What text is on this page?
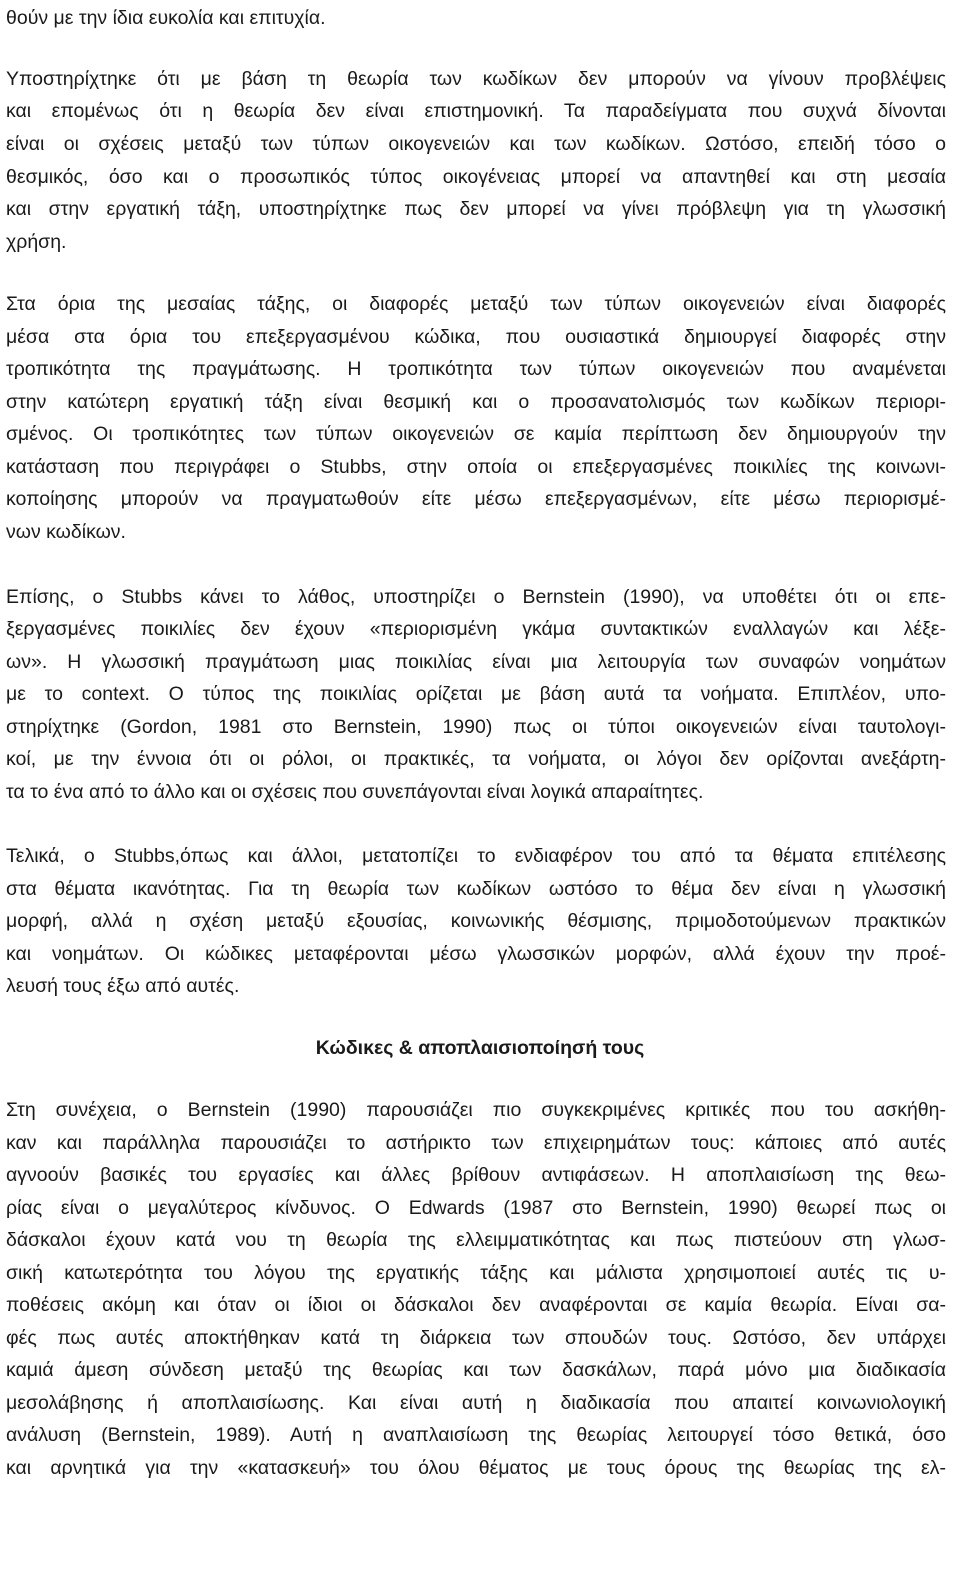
θούν με την ίδια ευκολία και επιτυχία.
Υποστηρίχτηκε ότι με βάση τη θεωρία των κωδίκων δεν μπορούν να γίνουν προβλέψεις
και επομένως ότι η θεωρία δεν είναι επιστημονική. Τα παραδείγματα που συχνά δίνονται
είναι οι σχέσεις μεταξύ των τύπων οικογενειών και των κωδίκων. Ωστόσο, επειδή τόσο ο
θεσμικός, όσο και ο προσωπικός τύπος οικογένειας μπορεί να απαντηθεί και στη μεσαία
και στην εργατική τάξη, υποστηρίχτηκε πως δεν μπορεί να γίνει πρόβλεψη για τη γλωσσική
χρήση.
Στα όρια της μεσαίας τάξης, οι διαφορές μεταξύ των τύπων οικογενειών είναι διαφορές
μέσα στα όρια του επεξεργασμένου κώδικα, που ουσιαστικά δημιουργεί διαφορές στην
τροπικότητα της πραγμάτωσης. Η τροπικότητα των τύπων οικογενειών που αναμένεται
στην κατώτερη εργατική τάξη είναι θεσμική και ο προσανατολισμός των κωδίκων περιορι-
σμένος. Οι τροπικότητες των τύπων οικογενειών σε καμία περίπτωση δεν δημιουργούν την
κατάσταση που περιγράφει ο Stubbs, στην οποία οι επεξεργασμένες ποικιλίες της κοινωνι-
κοποίησης μπορούν να πραγματωθούν είτε μέσω επεξεργασμένων, είτε μέσω περιορισμέ-
νων κωδίκων.
Επίσης, ο Stubbs κάνει το λάθος, υποστηρίζει ο Bernstein (1990), να υποθέτει ότι οι επε-
ξεργασμένες ποικιλίες δεν έχουν «περιορισμένη γκάμα συντακτικών εναλλαγών και λέξε-
ων». Η γλωσσική πραγμάτωση μιας ποικιλίας είναι μια λειτουργία των συναφών νοημάτων
με το context. Ο τύπος της ποικιλίας ορίζεται με βάση αυτά τα νοήματα. Επιπλέον, υπο-
στηρίχτηκε (Gordon, 1981 στο Bernstein, 1990) πως οι τύποι οικογενειών είναι ταυτολογι-
κοί, με την έννοια ότι οι ρόλοι, οι πρακτικές, τα νοήματα, οι λόγοι δεν ορίζονται ανεξάρτη-
τα το ένα από το άλλο και οι σχέσεις που συνεπάγονται είναι λογικά απαραίτητες.
Τελικά, ο Stubbs,όπως και άλλοι, μετατοπίζει το ενδιαφέρον του από τα θέματα επιτέλεσης
στα θέματα ικανότητας. Για τη θεωρία των κωδίκων ωστόσο το θέμα δεν είναι η γλωσσική
μορφή, αλλά η σχέση μεταξύ εξουσίας, κοινωνικής θέσμισης, πριμοδοτούμενων πρακτικών
και νοημάτων. Οι κώδικες μεταφέρονται μέσω γλωσσικών μορφών, αλλά έχουν την προέ-
λευσή τους έξω από αυτές.
Κώδικες & αποπλαισιοποίησή τους
Στη συνέχεια, ο Bernstein (1990) παρουσιάζει πιο συγκεκριμένες κριτικές που του ασκήθη-
καν και παράλληλα παρουσιάζει το αστήρικτο των επιχειρημάτων τους: κάποιες από αυτές
αγνοούν βασικές του εργασίες και άλλες βρίθουν αντιφάσεων. Η αποπλαισίωση της θεω-
ρίας είναι ο μεγαλύτερος κίνδυνος. Ο Edwards (1987 στο Bernstein, 1990) θεωρεί πως οι
δάσκαλοι έχουν κατά νου τη θεωρία της ελλειμματικότητας και πως πιστεύουν στη γλωσ-
σική κατωτερότητα του λόγου της εργατικής τάξης και μάλιστα χρησιμοποιεί αυτές τις υ-
ποθέσεις ακόμη και όταν οι ίδιοι οι δάσκαλοι δεν αναφέρονται σε καμία θεωρία. Είναι σα-
φές πως αυτές αποκτήθηκαν κατά τη διάρκεια των σπουδών τους. Ωστόσο, δεν υπάρχει
καμιά άμεση σύνδεση μεταξύ της θεωρίας και των δασκάλων, παρά μόνο μια διαδικασία
μεσολάβησης ή αποπλαισίωσης. Και είναι αυτή η διαδικασία που απαιτεί κοινωνιολογική
ανάλυση (Bernstein, 1989). Αυτή η αναπλαισίωση της θεωρίας λειτουργεί τόσο θετικά, όσο
και αρνητικά για την «κατασκευή» του όλου θέματος με τους όρους της θεωρίας της ελ-
